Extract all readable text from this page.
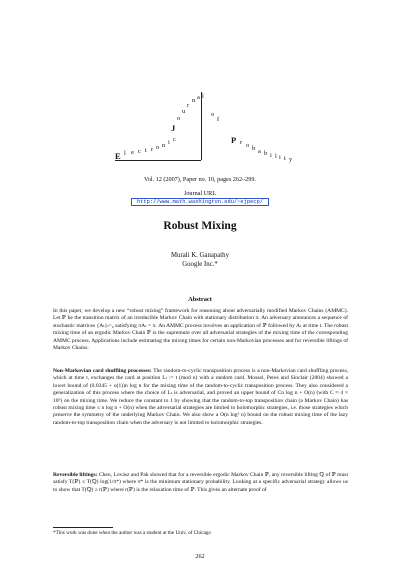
E l e c t r o n i c
J
o
u
r
n a l
o
f
P r o b a b i l i t y
Vol. 12 (2007), Paper no. 10, pages 262–299.
Journal URL
http://www.math.washington.edu/~ejpecp/
Robust Mixing
Murali K. Ganapathy
Google Inc.*
Abstract
In this paper, we develop a new “robust mixing” framework for reasoning about adversarially modified Markov Chains (AMMC). Let ℙ be the transition matrix of an irreducible Markov Chain with stationary distribution π. An adversary announces a sequence of stochastic matrices {Aₜ}ₜ>₀ satisfying πAₜ = π. An AMMC process involves an application of ℙ followed by Aₜ at time t. The robust mixing time of an ergodic Markov Chain ℙ is the supremum over all adversarial strategies of the mixing time of the corresponding AMMC process. Applications include estimating the mixing times for certain non-Markovian processes and for reversible liftings of Markov Chains.
Non-Markovian card shuffling processes: The random-to-cyclic transposition process is a non-Markovian card shuffling process, which at time t, exchanges the card at position Lₜ := t (mod n) with a random card. Mossel, Peres and Sinclair (2004) showed a lower bound of (0.0345 + o(1))n log n for the mixing time of the random-to-cyclic transposition process. They also considered a generalization of this process where the choice of Lₜ is adversarial, and proved an upper bound of Cn log n + O(n) (with C ≈ 4 × 10⁵) on the mixing time. We reduce the constant to 1 by showing that the random-to-top transposition chain (a Markov Chain) has robust mixing time ≤ n log n + O(n) when the adversarial strategies are limited to holomorphic strategies, i.e. those strategies which preserve the symmetry of the underlying Markov Chain. We also show a O(n log² n) bound on the robust mixing time of the lazy random-to-top transposition chain when the adversary is not limited to holomorphic strategies.
Reversible liftings: Chen, Lovász and Pak showed that for a reversible ergodic Markov Chain ℙ, any reversible lifting ℚ of ℙ must satisfy T(ℙ) ≤ T(ℚ) log(1/π*) where π* is the minimum stationary probability. Looking at a specific adversarial strategy allows us to show that T(ℚ) ≥ r(ℙ) where r(ℙ) is the relaxation time of ℙ. This gives an alternate proof of
*This work was done when the author was a student at the Univ. of Chicago
262
